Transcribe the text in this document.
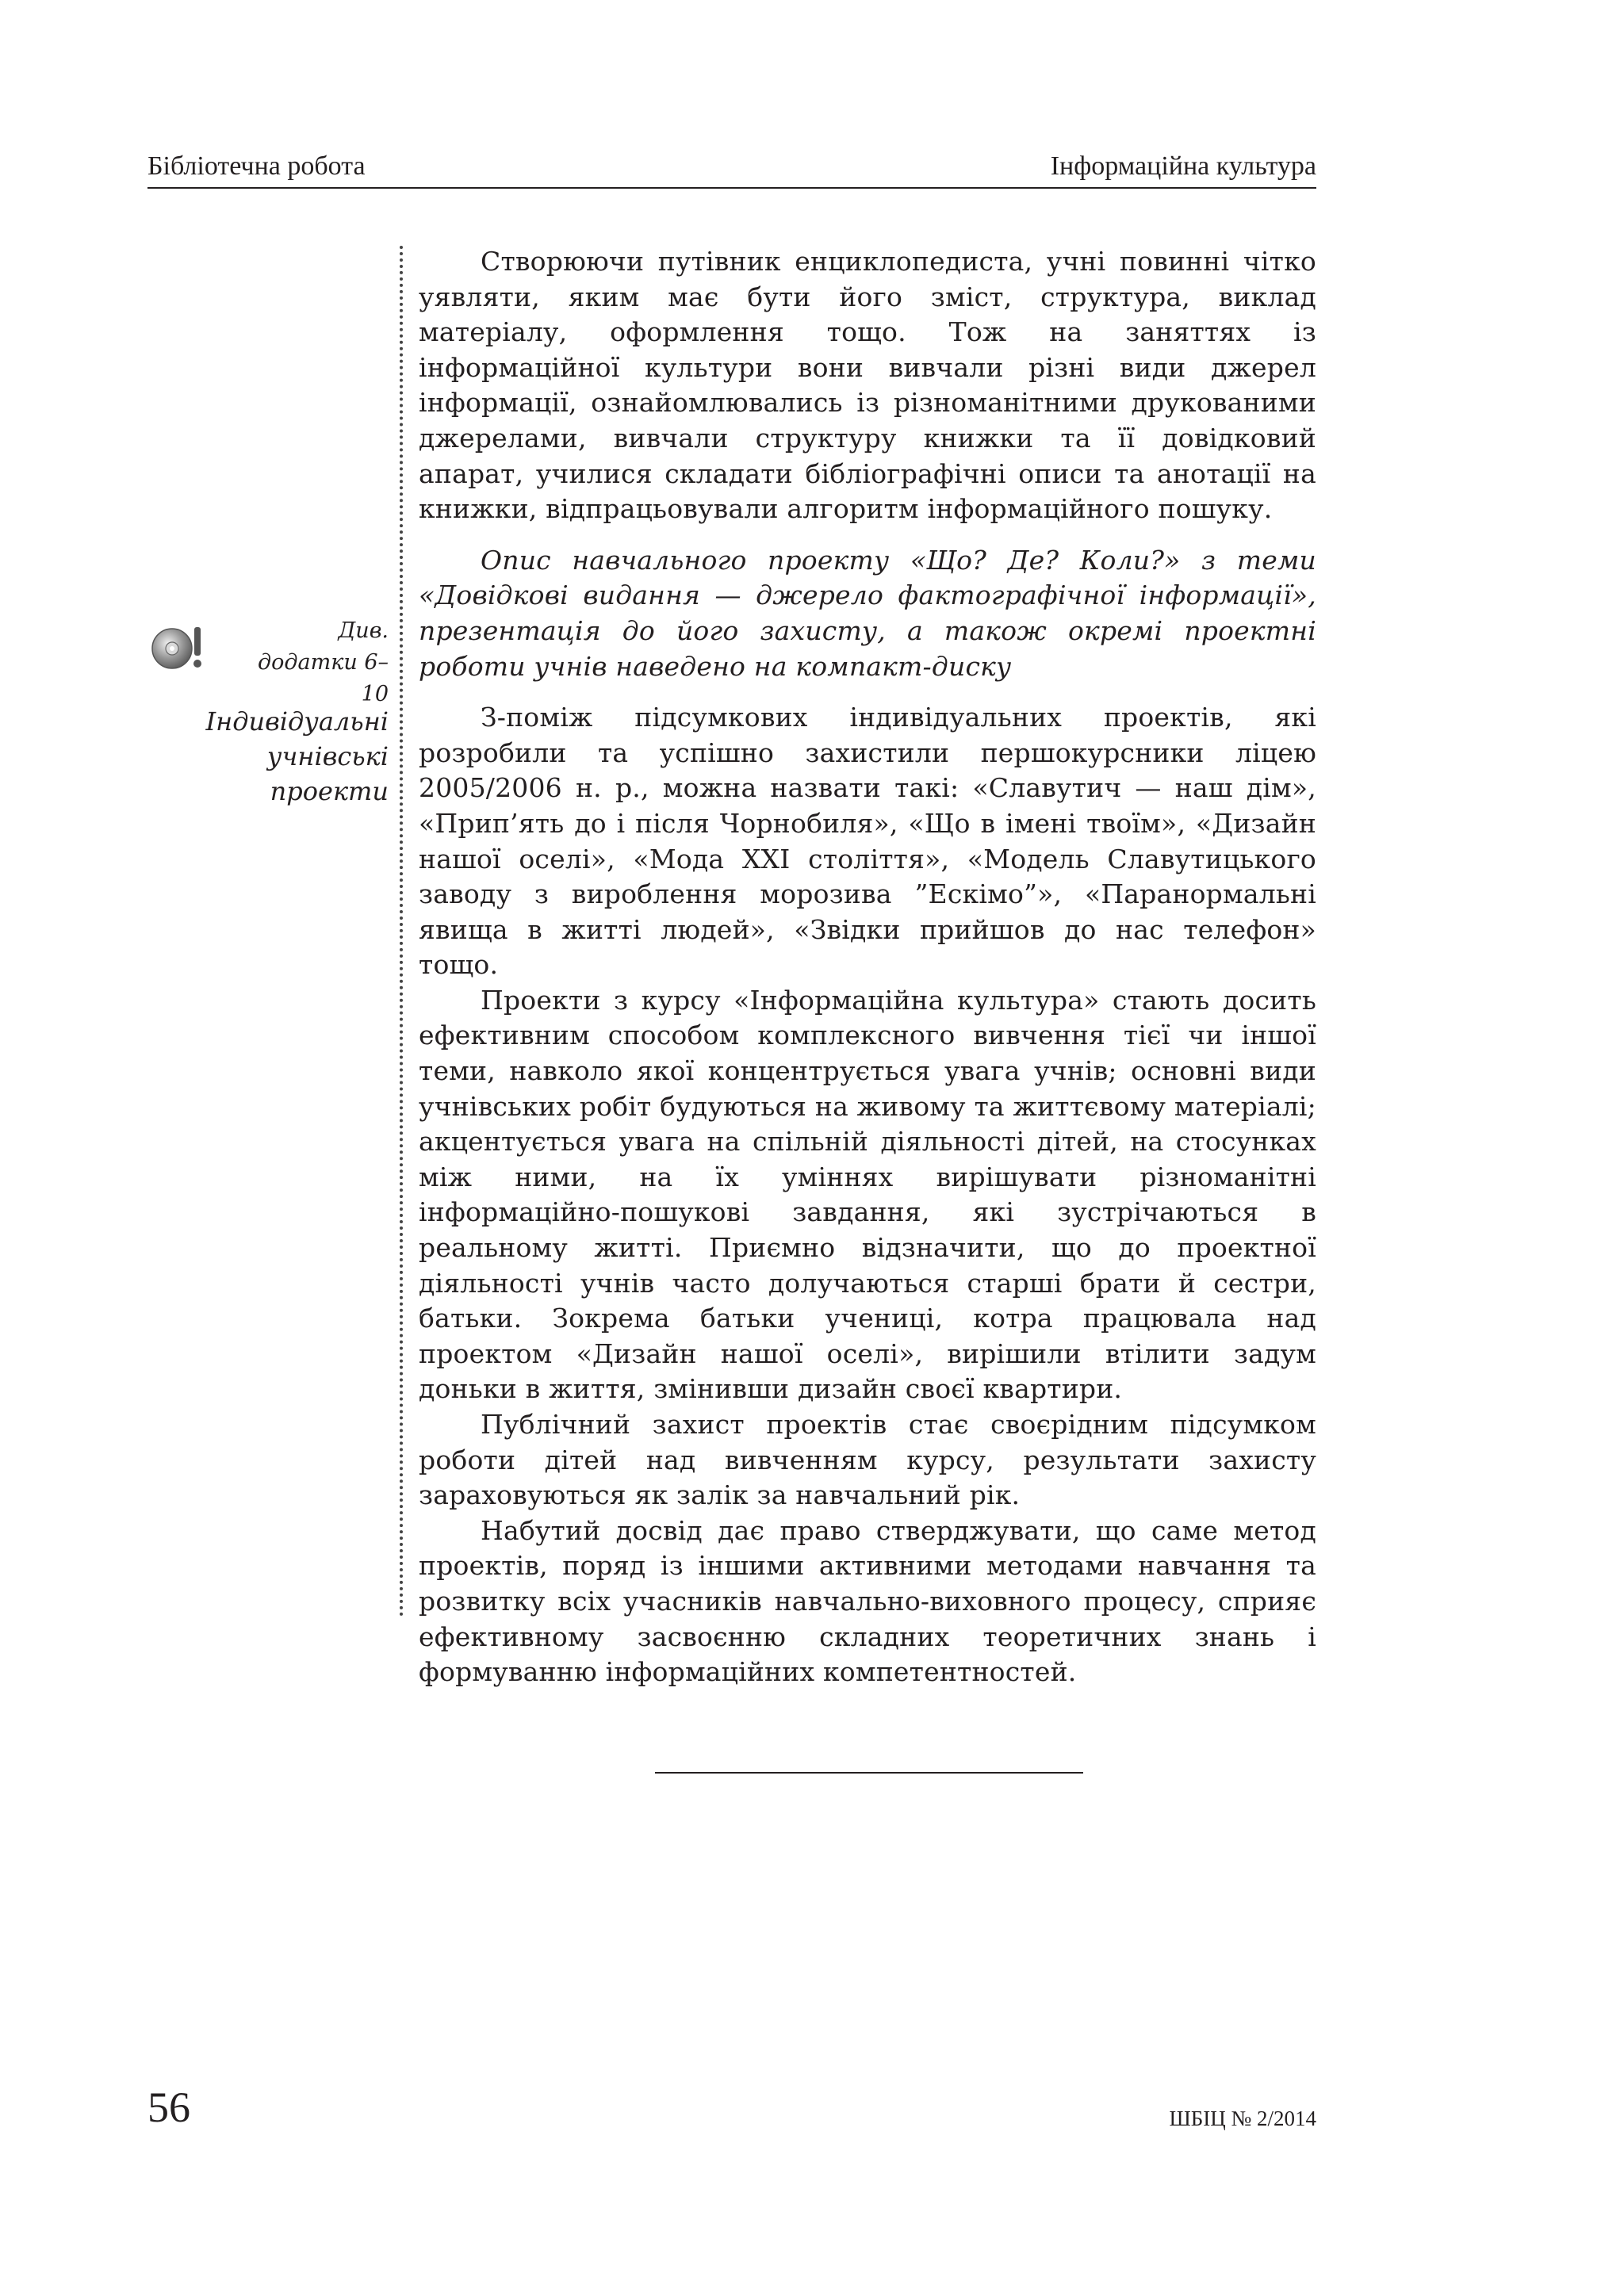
Бібліотечна робота	Інформаційна культура
Див.
додатки 6–10
Індивідуальні
учнівські проекти

Створюючи путівник енциклопедиста, учні повинні чітко уявляти, яким має бути його зміст, структура, виклад матеріалу, оформлення тощо. Тож на заняттях із інформаційної культури вони вивчали різні види джерел інформації, ознайомлювались із різноманітними друкованими джерелами, вивчали структуру книжки та її довідковий апарат, училися складати бібліографічні описи та анотації на книжки, відпрацьовували алгоритм інформаційного пошуку.

Опис навчального проекту «Що? Де? Коли?» з теми «Довідкові видання — джерело фактографічної інформації», презентація до його захисту, а також окремі проектні роботи учнів наведено на компакт-диску

З-поміж підсумкових індивідуальних проектів, які розробили та успішно захистили першокурсники ліцею 2005/2006 н. р., можна назвати такі: «Славутич — наш дім», «Прип’ять до і після Чорнобиля», «Що в імені твоїм», «Дизайн нашої оселі», «Мода XXI століття», «Модель Славутицького заводу з вироблення морозива ”Ескімо”», «Паранормальні явища в житті людей», «Звідки прийшов до нас телефон» тощо.

Проекти з курсу «Інформаційна культура» стають досить ефективним способом комплексного вивчення тієї чи іншої теми, навколо якої концентрується увага учнів; основні види учнівських робіт будуються на живому та життєвому матеріалі; акцентується увага на спільній діяльності дітей, на стосунках між ними, на їх уміннях вирішувати різноманітні інформаційно-пошукові завдання, які зустрічаються в реальному житті. Приємно відзначити, що до проектної діяльності учнів часто долучаються старші брати й сестри, батьки. Зокрема батьки учениці, котра працювала над проектом «Дизайн нашої оселі», вирішили втілити задум доньки в життя, змінивши дизайн своєї квартири.

Публічний захист проектів стає своєрідним підсумком роботи дітей над вивченням курсу, результати захисту зараховуються як залік за навчальний рік.

Набутий досвід дає право стверджувати, що саме метод проектів, поряд із іншими активними методами навчання та розвитку всіх учасників навчально-виховного процесу, сприяє ефективному засвоєнню складних теоретичних знань і формуванню інформаційних компетентностей.

56	ШБІЦ № 2/2014
